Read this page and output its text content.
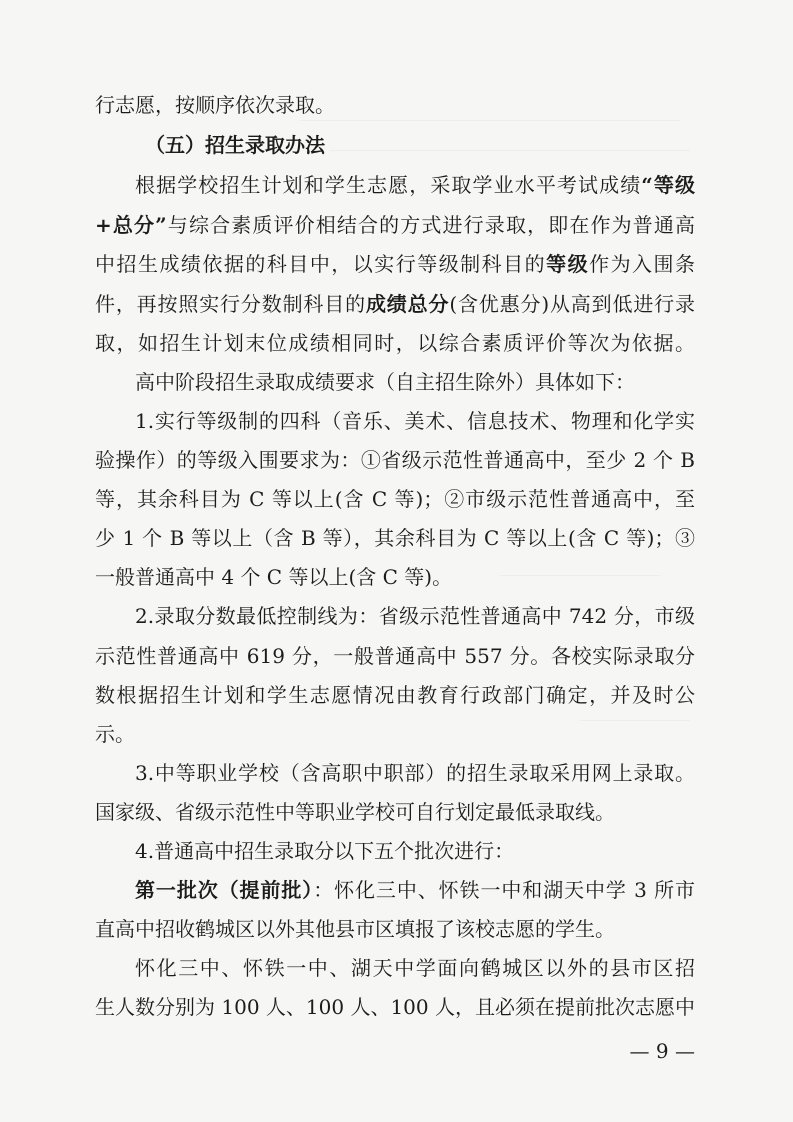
行志愿，按顺序依次录取。
（五）招生录取办法
根据学校招生计划和学生志愿，采取学业水平考试成绩“等级
+总分”与综合素质评价相结合的方式进行录取，即在作为普通高
中招生成绩依据的科目中，以实行等级制科目的等级作为入围条
件，再按照实行分数制科目的成绩总分(含优惠分)从高到低进行录
取，如招生计划末位成绩相同时，以综合素质评价等次为依据。
高中阶段招生录取成绩要求（自主招生除外）具体如下：
1.实行等级制的四科（音乐、美术、信息技术、物理和化学实
验操作）的等级入围要求为：①省级示范性普通高中，至少 2 个 B
等，其余科目为 C 等以上(含 C 等)；②市级示范性普通高中，至
少 1 个 B 等以上（含 B 等），其余科目为 C 等以上(含 C 等)；③
一般普通高中 4 个 C 等以上(含 C 等)。
2.录取分数最低控制线为：省级示范性普通高中 742 分，市级
示范性普通高中 619 分，一般普通高中 557 分。各校实际录取分
数根据招生计划和学生志愿情况由教育行政部门确定，并及时公
示。
3.中等职业学校（含高职中职部）的招生录取采用网上录取。
国家级、省级示范性中等职业学校可自行划定最低录取线。
4.普通高中招生录取分以下五个批次进行：
第一批次（提前批）：怀化三中、怀铁一中和湖天中学 3 所市
直高中招收鹤城区以外其他县市区填报了该校志愿的学生。
怀化三中、怀铁一中、湖天中学面向鹤城区以外的县市区招
生人数分别为 100 人、100 人、100 人，且必须在提前批次志愿中
— 9 —
